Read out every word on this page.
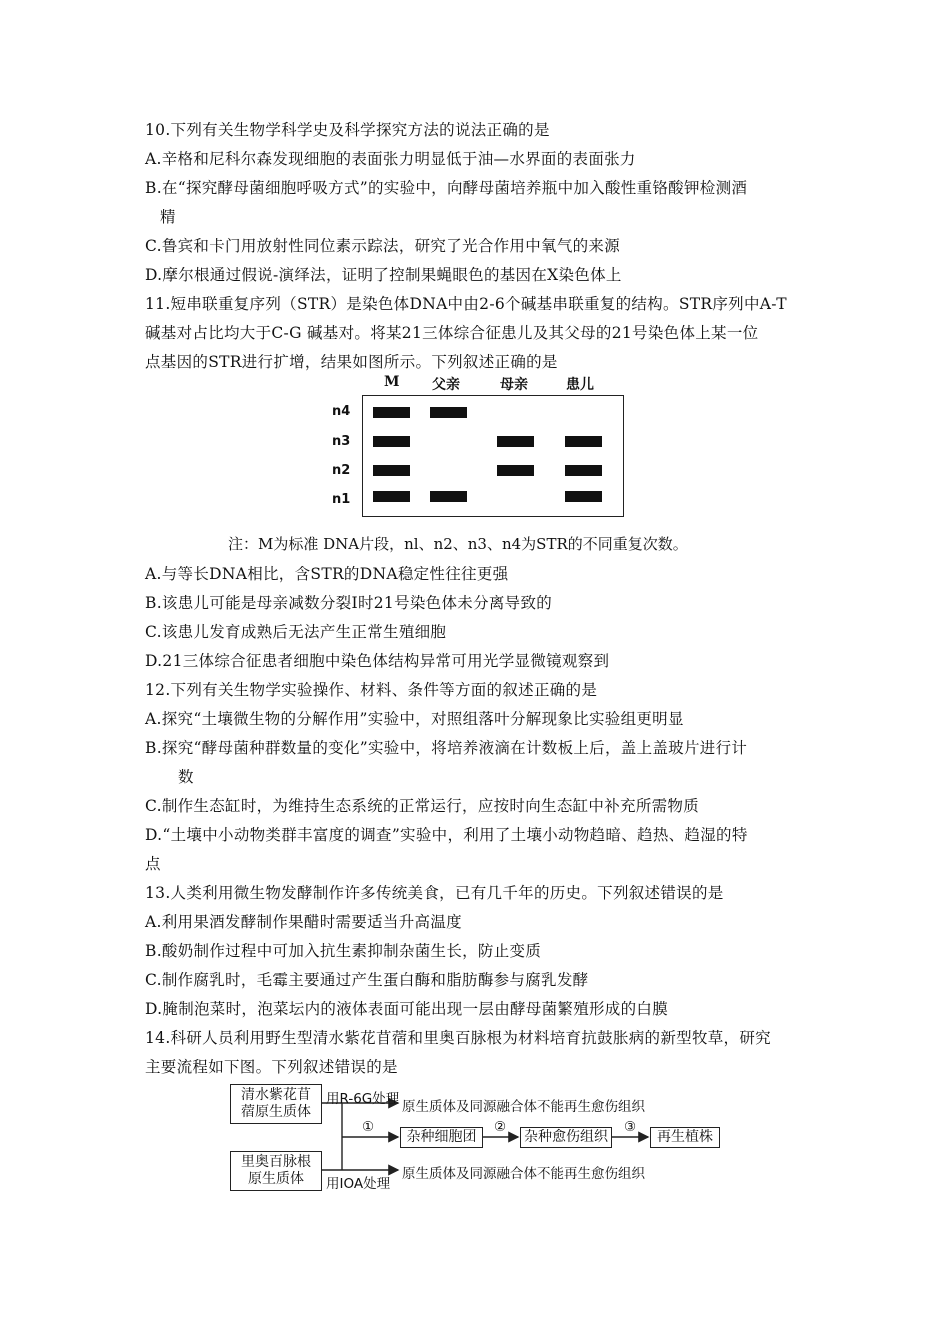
10.下列有关生物学科学史及科学探究方法的说法正确的是
A.辛格和尼科尔森发现细胞的表面张力明显低于油—水界面的表面张力
B.在“探究酵母菌细胞呼吸方式”的实验中，向酵母菌培养瓶中加入酸性重铬酸钾检测酒
精
C.鲁宾和卡门用放射性同位素示踪法，研究了光合作用中氧气的来源
D.摩尔根通过假说-演绎法，证明了控制果蝇眼色的基因在X染色体上
11.短串联重复序列（STR）是染色体DNA中由2-6个碱基串联重复的结构。STR序列中A-T
碱基对占比均大于C-G 碱基对。将某21三体综合征患儿及其父母的21号染色体上某一位
点基因的STR进行扩增，结果如图所示。下列叙述正确的是
M 父亲	母亲	患儿
n4
n3
n2
n1
注：M为标准 DNA片段，nl、n2、n3、n4为STR的不同重复次数。
A.与等长DNA相比，含STR的DNA稳定性往往更强
B.该患儿可能是母亲减数分裂Ⅰ时21号染色体未分离导致的
C.该患儿发育成熟后无法产生正常生殖细胞
D.21三体综合征患者细胞中染色体结构异常可用光学显微镜观察到
12.下列有关生物学实验操作、材料、条件等方面的叙述正确的是
A.探究“土壤微生物的分解作用”实验中，对照组落叶分解现象比实验组更明显
B.探究“酵母菌种群数量的变化”实验中，将培养液滴在计数板上后，盖上盖玻片进行计
数
C.制作生态缸时，为维持生态系统的正常运行，应按时向生态缸中补充所需物质
D.“土壤中小动物类群丰富度的调查”实验中，利用了土壤小动物趋暗、趋热、趋湿的特
点
13.人类利用微生物发酵制作许多传统美食，已有几千年的历史。下列叙述错误的是
A.利用果酒发酵制作果醋时需要适当升高温度
B.酸奶制作过程中可加入抗生素抑制杂菌生长，防止变质
C.制作腐乳时，毛霉主要通过产生蛋白酶和脂肪酶参与腐乳发酵
D.腌制泡菜时，泡菜坛内的液体表面可能出现一层由酵母菌繁殖形成的白膜
14.科研人员利用野生型清水紫花苜蓿和里奥百脉根为材料培育抗鼓胀病的新型牧草，研究
主要流程如下图。下列叙述错误的是
清水紫花苜
蓿原生质体
里奥百脉根
原生质体
用R-6G处理
用IOA处理
原生质体及同源融合体不能再生愈伤组织
原生质体及同源融合体不能再生愈伤组织
①	②	③
杂种细胞团	杂种愈伤组织	再生植株
